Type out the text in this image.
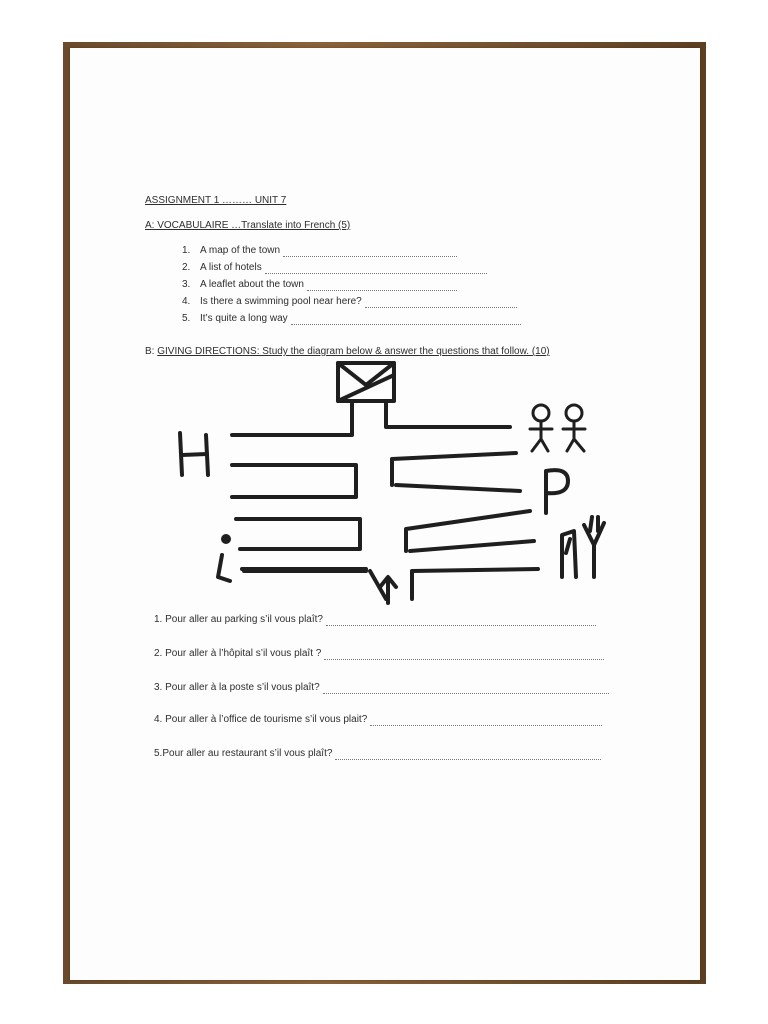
ASSIGNMENT 1 ……… UNIT 7
A: VOCABULAIRE …Translate into French (5)
1. A map of the town
2. A list of hotels
3. A leaflet about the town
4. Is there a swimming pool near here?
5. It’s quite a long way
B: GIVING DIRECTIONS: Study the diagram below & answer the questions that follow. (10)
1. Pour aller au parking s’il vous plaît?
2. Pour aller à l’hôpital s’il vous plaît ?
3. Pour aller à la poste s’il vous plaît?
4. Pour aller à l’office de tourisme s’il vous plait?
5.Pour aller au restaurant s’il vous plaît?
